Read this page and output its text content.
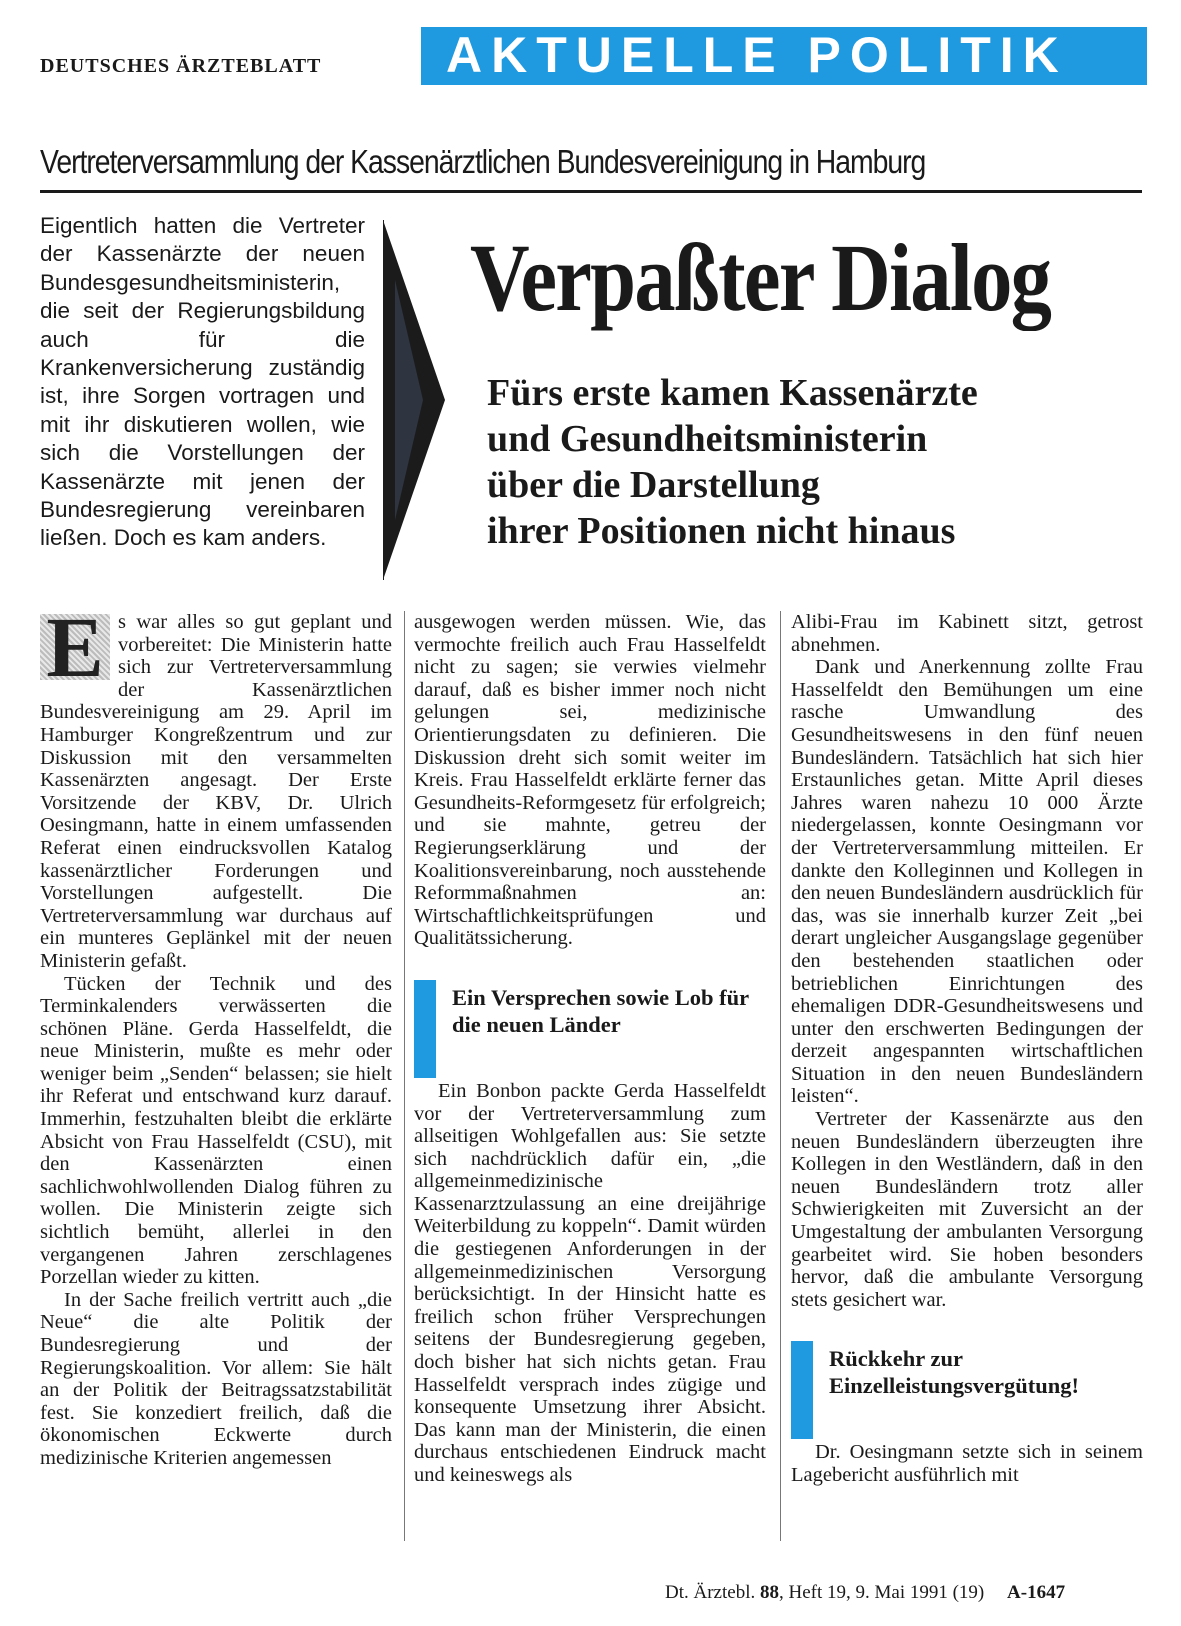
DEUTSCHES ÄRZTEBLATT AKTUELLE POLITIK
Vertreterversammlung der Kassenärztlichen Bundesvereinigung in Hamburg
Eigentlich hatten die Vertreter der Kassenärzte der neuen Bundesgesundheitsministerin, die seit der Regierungsbildung auch für die Krankenversicherung zuständig ist, ihre Sorgen vortragen und mit ihr diskutieren wollen, wie sich die Vorstellungen der Kassenärzte mit jenen der Bundesregierung vereinbaren ließen. Doch es kam anders.
Verpaßter Dialog
Fürs erste kamen Kassenärzte
und Gesundheitsministerin
über die Darstellung
ihrer Positionen nicht hinaus
E s war alles so gut geplant und vorbereitet: Die Ministerin hatte sich zur Vertreterversammlung der Kassenärztlichen Bundesvereinigung am 29. April im Hamburger Kongreßzentrum und zur Diskussion mit den versammelten Kassenärzten angesagt. Der Erste Vorsitzende der KBV, Dr. Ulrich Oesingmann, hatte in einem umfassenden Referat einen eindrucksvollen Katalog kassenärztlicher Forderungen und Vorstellungen aufgestellt. Die Vertreterversammlung war durchaus auf ein munteres Geplänkel mit der neuen Ministerin gefaßt.

Tücken der Technik und des Terminkalenders verwässerten die schönen Pläne. Gerda Hasselfeldt, die neue Ministerin, mußte es mehr oder weniger beim „Senden“ belassen; sie hielt ihr Referat und entschwand kurz darauf. Immerhin, festzuhalten bleibt die erklärte Absicht von Frau Hasselfeldt (CSU), mit den Kassenärzten einen sachlichwohlwollenden Dialog führen zu wollen. Die Ministerin zeigte sich sichtlich bemüht, allerlei in den vergangenen Jahren zerschlagenes Porzellan wieder zu kitten.

In der Sache freilich vertritt auch „die Neue“ die alte Politik der Bundesregierung und der Regierungskoalition. Vor allem: Sie hält an der Politik der Beitragssatzstabilität fest. Sie konzediert freilich, daß die ökonomischen Eckwerte durch medizinische Kriterien angemessen

ausgewogen werden müssen. Wie, das vermochte freilich auch Frau Hasselfeldt nicht zu sagen; sie verwies vielmehr darauf, daß es bisher immer noch nicht gelungen sei, medizinische Orientierungsdaten zu definieren. Die Diskussion dreht sich somit weiter im Kreis. Frau Hasselfeldt erklärte ferner das Gesundheits-Reformgesetz für erfolgreich; und sie mahnte, getreu der Regierungserklärung und der Koalitionsvereinbarung, noch ausstehende Reformmaßnahmen an: Wirtschaftlichkeitsprüfungen und Qualitätssicherung.

Ein Versprechen sowie Lob für die neuen Länder

Ein Bonbon packte Gerda Hasselfeldt vor der Vertreterversammlung zum allseitigen Wohlgefallen aus: Sie setzte sich nachdrücklich dafür ein, „die allgemeinmedizinische Kassenarztzulassung an eine dreijährige Weiterbildung zu koppeln“. Damit würden die gestiegenen Anforderungen in der allgemeinmedizinischen Versorgung berücksichtigt. In der Hinsicht hatte es freilich schon früher Versprechungen seitens der Bundesregierung gegeben, doch bisher hat sich nichts getan. Frau Hasselfeldt versprach indes zügige und konsequente Umsetzung ihrer Absicht. Das kann man der Ministerin, die einen durchaus entschiedenen Eindruck macht und keineswegs als

Alibi-Frau im Kabinett sitzt, getrost abnehmen.

Dank und Anerkennung zollte Frau Hasselfeldt den Bemühungen um eine rasche Umwandlung des Gesundheitswesens in den fünf neuen Bundesländern. Tatsächlich hat sich hier Erstaunliches getan. Mitte April dieses Jahres waren nahezu 10 000 Ärzte niedergelassen, konnte Oesingmann vor der Vertreterversammlung mitteilen. Er dankte den Kolleginnen und Kollegen in den neuen Bundesländern ausdrücklich für das, was sie innerhalb kurzer Zeit „bei derart ungleicher Ausgangslage gegenüber den bestehenden staatlichen oder betrieblichen Einrichtungen des ehemaligen DDR-Gesundheitswesens und unter den erschwerten Bedingungen der derzeit angespannten wirtschaftlichen Situation in den neuen Bundesländern leisten“.

Vertreter der Kassenärzte aus den neuen Bundesländern überzeugten ihre Kollegen in den Westländern, daß in den neuen Bundesländern trotz aller Schwierigkeiten mit Zuversicht an der Umgestaltung der ambulanten Versorgung gearbeitet wird. Sie hoben besonders hervor, daß die ambulante Versorgung stets gesichert war.

Rückkehr zur Einzelleistungsvergütung!

Dr. Oesingmann setzte sich in seinem Lagebericht ausführlich mit

Dt. Ärztebl. 88, Heft 19, 9. Mai 1991 (19) A-1647
